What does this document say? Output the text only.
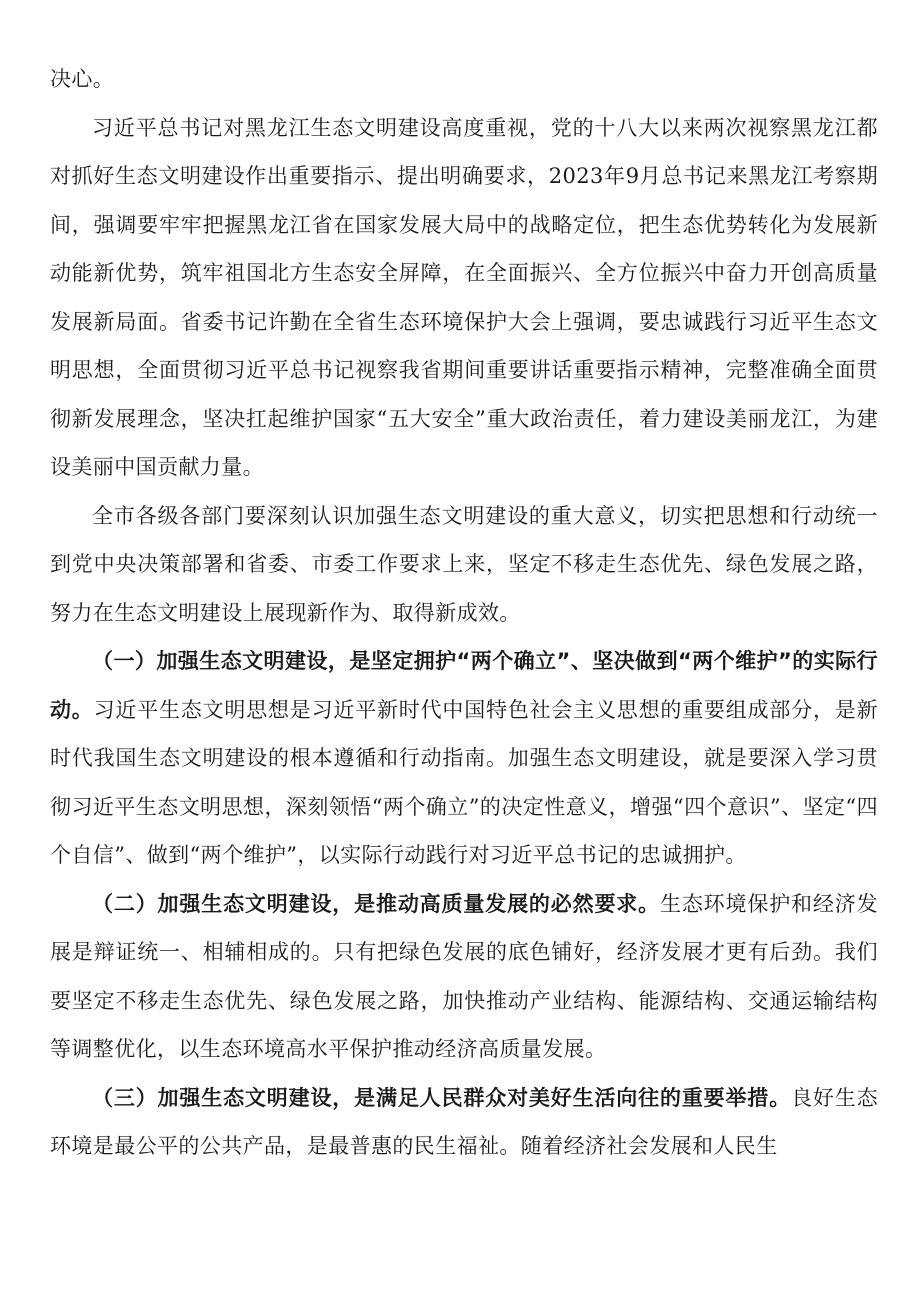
决心。

习近平总书记对黑龙江生态文明建设高度重视，党的十八大以来两次视察黑龙江都对抓好生态文明建设作出重要指示、提出明确要求，2023年9月总书记来黑龙江考察期间，强调要牢牢把握黑龙江省在国家发展大局中的战略定位，把生态优势转化为发展新动能新优势，筑牢祖国北方生态安全屏障，在全面振兴、全方位振兴中奋力开创高质量发展新局面。省委书记许勤在全省生态环境保护大会上强调，要忠诚践行习近平生态文明思想，全面贯彻习近平总书记视察我省期间重要讲话重要指示精神，完整准确全面贯彻新发展理念，坚决扛起维护国家“五大安全”重大政治责任，着力建设美丽龙江，为建设美丽中国贡献力量。

全市各级各部门要深刻认识加强生态文明建设的重大意义，切实把思想和行动统一到党中央决策部署和省委、市委工作要求上来，坚定不移走生态优先、绿色发展之路，努力在生态文明建设上展现新作为、取得新成效。

（一）加强生态文明建设，是坚定拥护“两个确立”、坚决做到“两个维护”的实际行动。习近平生态文明思想是习近平新时代中国特色社会主义思想的重要组成部分，是新时代我国生态文明建设的根本遵循和行动指南。加强生态文明建设，就是要深入学习贯彻习近平生态文明思想，深刻领悟“两个确立”的决定性意义，增强“四个意识”、坚定“四个自信”、做到“两个维护”，以实际行动践行对习近平总书记的忠诚拥护。

（二）加强生态文明建设，是推动高质量发展的必然要求。生态环境保护和经济发展是辩证统一、相辅相成的。只有把绿色发展的底色铺好，经济发展才更有后劲。我们要坚定不移走生态优先、绿色发展之路，加快推动产业结构、能源结构、交通运输结构等调整优化，以生态环境高水平保护推动经济高质量发展。

（三）加强生态文明建设，是满足人民群众对美好生活向往的重要举措。良好生态环境是最公平的公共产品，是最普惠的民生福祉。随着经济社会发展和人民生
